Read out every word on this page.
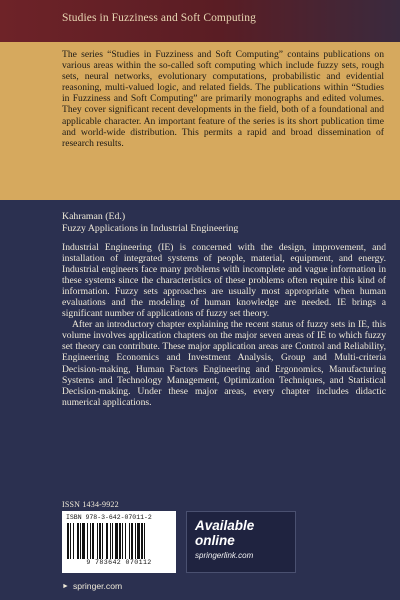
Studies in Fuzziness and Soft Computing

The series “Studies in Fuzziness and Soft Computing” contains publications on various areas within the so-called soft computing which include fuzzy sets, rough sets, neural networks, evolutionary computations, probabilistic and evidential reasoning, multi-valued logic, and related fields. The publications within “Studies in Fuzziness and Soft Computing” are primarily monographs and edited volumes. They cover significant recent developments in the field, both of a foundational and applicable character. An important feature of the series is its short publication time and world-wide distribution. This permits a rapid and broad dissemination of research results.

Kahraman (Ed.)
Fuzzy Applications in Industrial Engineering

Industrial Engineering (IE) is concerned with the design, improvement, and installation of integrated systems of people, material, equipment, and energy. Industrial engineers face many problems with incomplete and vague information in these systems since the characteristics of these problems often require this kind of information. Fuzzy sets approaches are usually most appropriate when human evaluations and the modeling of human knowledge are needed. IE brings a significant number of applications of fuzzy set theory.

After an introductory chapter explaining the recent status of fuzzy sets in IE, this volume involves application chapters on the major seven areas of IE to which fuzzy set theory can contribute. These major application areas are Control and Reliability, Engineering Economics and Investment Analysis, Group and Multi-criteria Decision-making, Human Factors Engineering and Ergonomics, Manufacturing Systems and Technology Management, Optimization Techniques, and Statistical Decision-making. Under these major areas, every chapter includes didactic numerical applications.

ISSN 1434-9922
ISBN 978-3-642-07011-2
9 783642 070112
Available
online
springerlink.com
► springer.com
